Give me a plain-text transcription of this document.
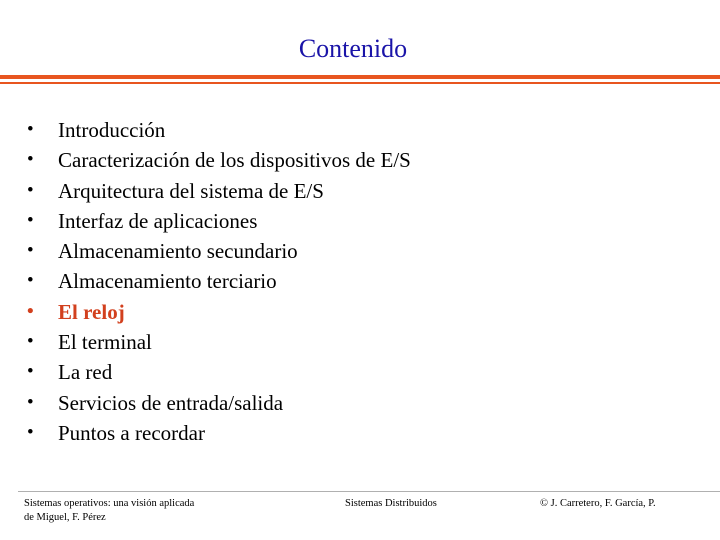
Contenido
• Introducción
• Caracterización de los dispositivos de E/S
• Arquitectura del sistema de E/S
• Interfaz de aplicaciones
• Almacenamiento secundario
• Almacenamiento terciario
• El reloj
• El terminal
• La red
• Servicios de entrada/salida
• Puntos a recordar
Sistemas operativos: una visión aplicada
de Miguel, F. Pérez
Sistemas Distribuidos	© J. Carretero, F. García, P.
